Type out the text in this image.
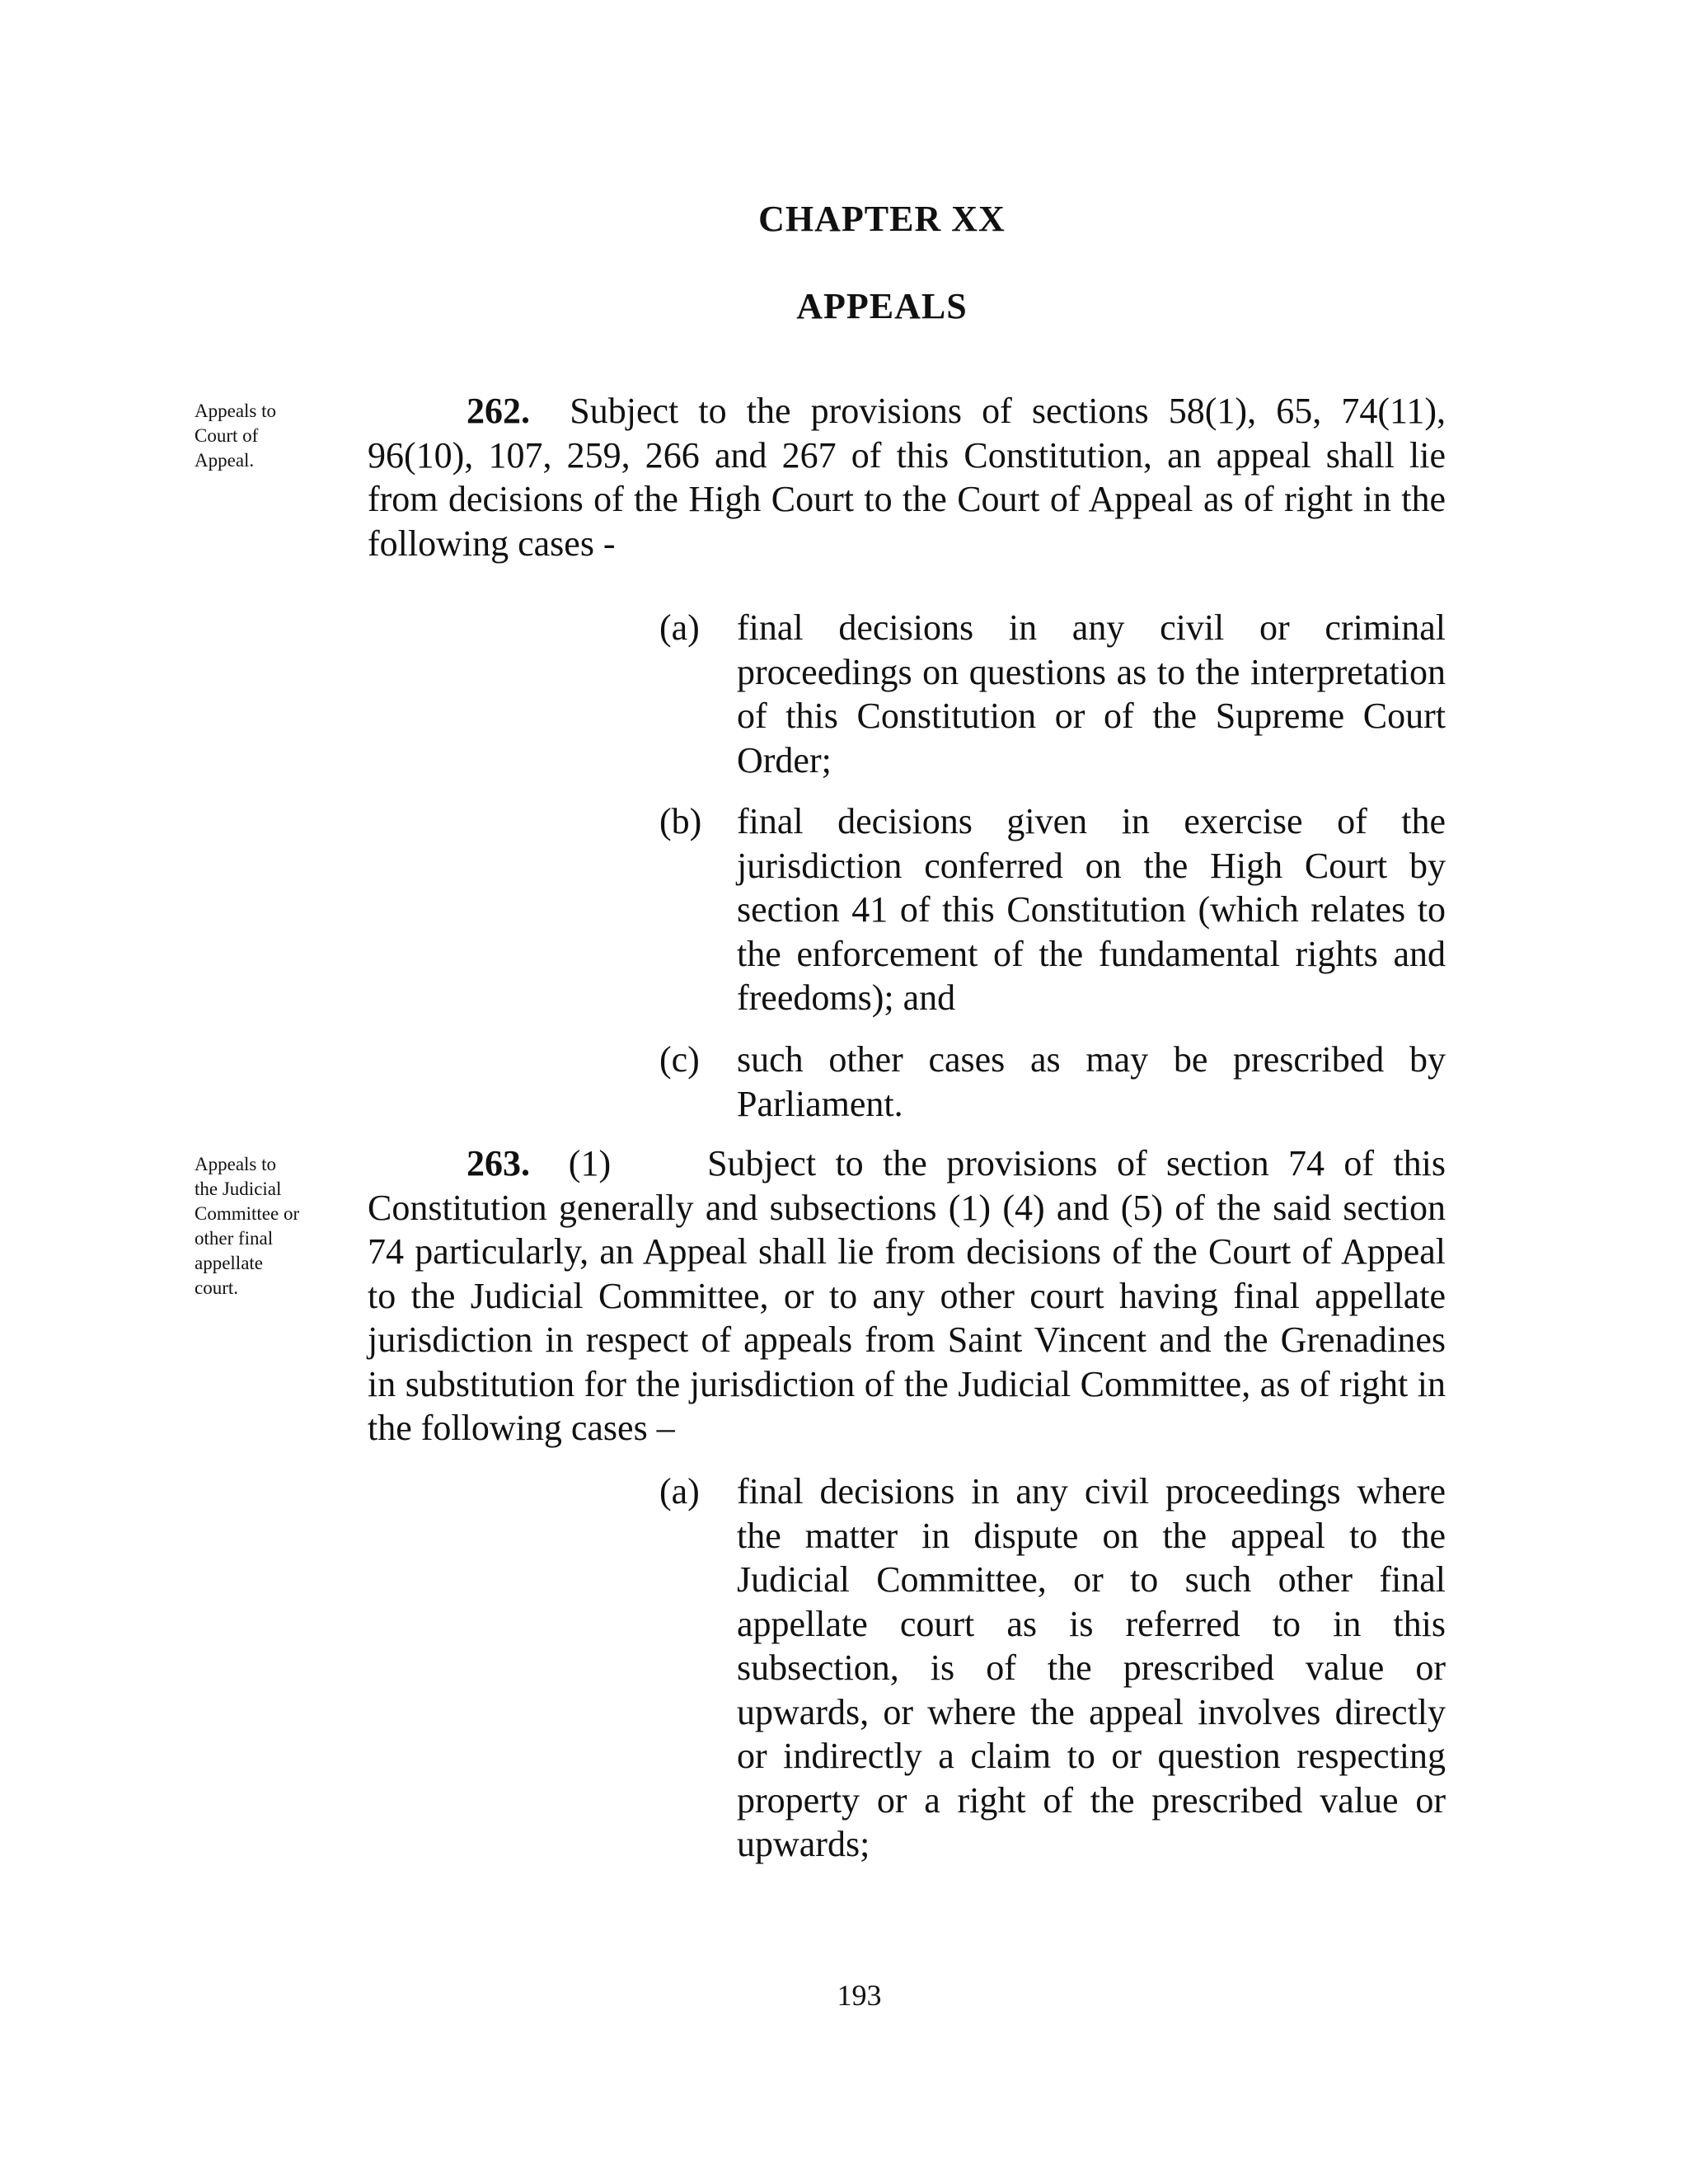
CHAPTER XX
APPEALS
Appeals to Court of Appeal.

262. Subject to the provisions of sections 58(1), 65, 74(11), 96(10), 107, 259, 266 and 267 of this Constitution, an appeal shall lie from decisions of the High Court to the Court of Appeal as of right in the following cases -

(a) final decisions in any civil or criminal proceedings on questions as to the interpretation of this Constitution or of the Supreme Court Order;
(b) final decisions given in exercise of the jurisdiction conferred on the High Court by section 41 of this Constitution (which relates to the enforcement of the fundamental rights and freedoms); and
(c) such other cases as may be prescribed by Parliament.
Appeals to the Judicial Committee or other final appellate court.

263. (1)	Subject to the provisions of section 74 of this Constitution generally and subsections (1) (4) and (5) of the said section 74 particularly, an Appeal shall lie from decisions of the Court of Appeal to the Judicial Committee, or to any other court having final appellate jurisdiction in respect of appeals from Saint Vincent and the Grenadines in substitution for the jurisdiction of the Judicial Committee, as of right in the following cases –

(a) final decisions in any civil proceedings where the matter in dispute on the appeal to the Judicial Committee, or to such other final appellate court as is referred to in this subsection, is of the prescribed value or upwards, or where the appeal involves directly or indirectly a claim to or question respecting property or a right of the prescribed value or upwards;
193
